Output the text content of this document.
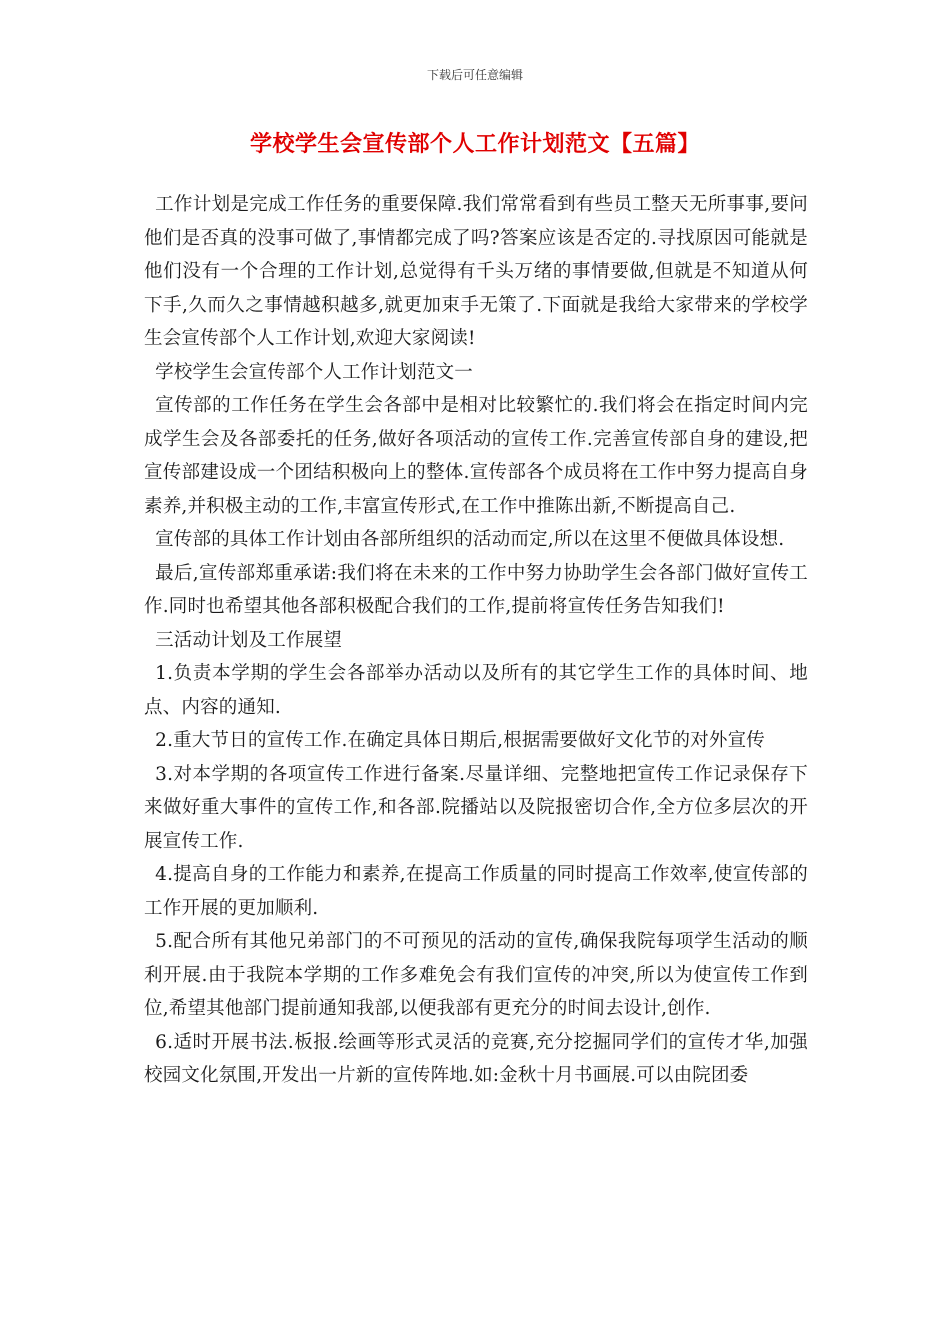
下载后可任意编辑
学校学生会宣传部个人工作计划范文【五篇】

工作计划是完成工作任务的重要保障.我们常常看到有些员工整天无所事事,要问他们是否真的没事可做了,事情都完成了吗?答案应该是否定的.寻找原因可能就是他们没有一个合理的工作计划,总觉得有千头万绪的事情要做,但就是不知道从何下手,久而久之事情越积越多,就更加束手无策了.下面就是我给大家带来的学校学生会宣传部个人工作计划,欢迎大家阅读!

学校学生会宣传部个人工作计划范文一

宣传部的工作任务在学生会各部中是相对比较繁忙的.我们将会在指定时间内完成学生会及各部委托的任务,做好各项活动的宣传工作.完善宣传部自身的建设,把宣传部建设成一个团结积极向上的整体.宣传部各个成员将在工作中努力提高自身素养,并积极主动的工作,丰富宣传形式,在工作中推陈出新,不断提高自己.

宣传部的具体工作计划由各部所组织的活动而定,所以在这里不便做具体设想.

最后,宣传部郑重承诺:我们将在未来的工作中努力协助学生会各部门做好宣传工作.同时也希望其他各部积极配合我们的工作,提前将宣传任务告知我们!

三活动计划及工作展望

1.负责本学期的学生会各部举办活动以及所有的其它学生工作的具体时间、地点、内容的通知.

2.重大节日的宣传工作.在确定具体日期后,根据需要做好文化节的对外宣传

3.对本学期的各项宣传工作进行备案.尽量详细、完整地把宣传工作记录保存下来做好重大事件的宣传工作,和各部.院播站以及院报密切合作,全方位多层次的开展宣传工作.

4.提高自身的工作能力和素养,在提高工作质量的同时提高工作效率,使宣传部的工作开展的更加顺利.

5.配合所有其他兄弟部门的不可预见的活动的宣传,确保我院每项学生活动的顺利开展.由于我院本学期的工作多难免会有我们宣传的冲突,所以为使宣传工作到位,希望其他部门提前通知我部,以便我部有更充分的时间去设计,创作.

6.适时开展书法.板报.绘画等形式灵活的竞赛,充分挖掘同学们的宣传才华,加强校园文化氛围,开发出一片新的宣传阵地.如:金秋十月书画展.可以由院团委
